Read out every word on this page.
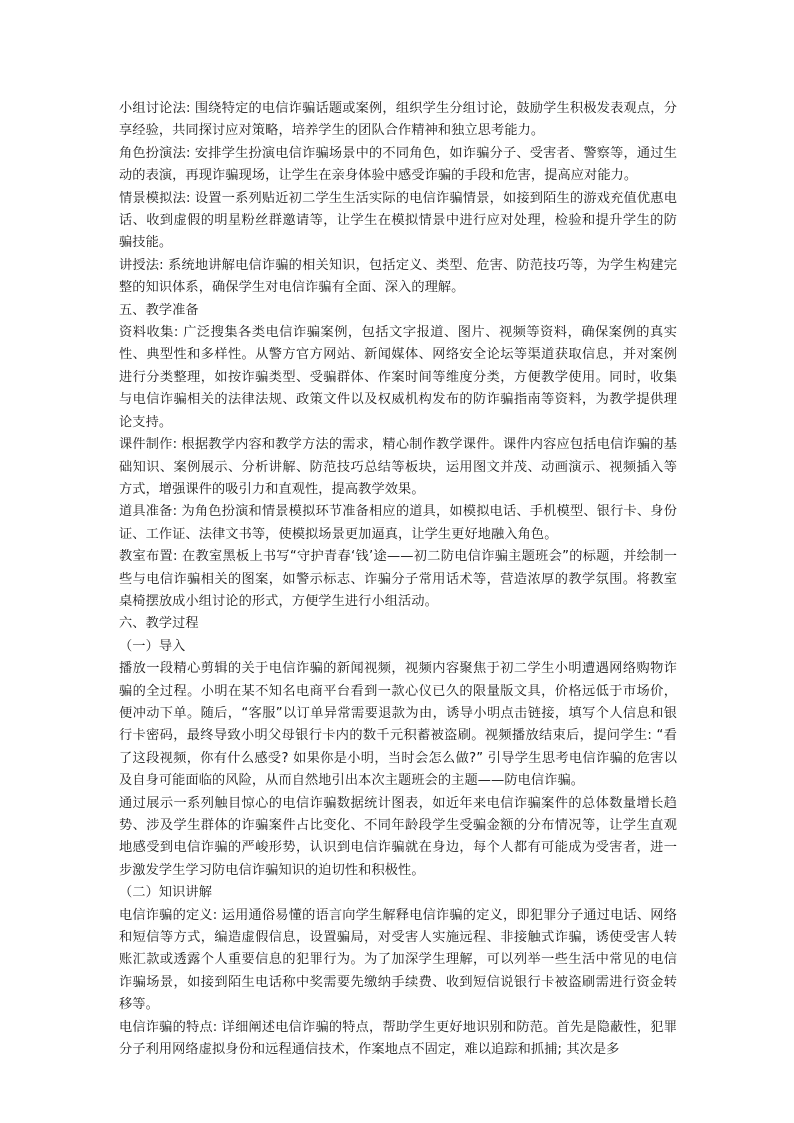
小组讨论法: 围绕特定的电信诈骗话题或案例，组织学生分组讨论，鼓励学生积极发表观点，分享经验，共同探讨应对策略，培养学生的团队合作精神和独立思考能力。

角色扮演法: 安排学生扮演电信诈骗场景中的不同角色，如诈骗分子、受害者、警察等，通过生动的表演，再现诈骗现场，让学生在亲身体验中感受诈骗的手段和危害，提高应对能力。

情景模拟法: 设置一系列贴近初二学生生活实际的电信诈骗情景，如接到陌生的游戏充值优惠电话、收到虚假的明星粉丝群邀请等，让学生在模拟情景中进行应对处理，检验和提升学生的防骗技能。

讲授法: 系统地讲解电信诈骗的相关知识，包括定义、类型、危害、防范技巧等，为学生构建完整的知识体系，确保学生对电信诈骗有全面、深入的理解。

五、教学准备

资料收集: 广泛搜集各类电信诈骗案例，包括文字报道、图片、视频等资料，确保案例的真实性、典型性和多样性。从警方官方网站、新闻媒体、网络安全论坛等渠道获取信息，并对案例进行分类整理，如按诈骗类型、受骗群体、作案时间等维度分类，方便教学使用。同时，收集与电信诈骗相关的法律法规、政策文件以及权威机构发布的防诈骗指南等资料，为教学提供理论支持。

课件制作: 根据教学内容和教学方法的需求，精心制作教学课件。课件内容应包括电信诈骗的基础知识、案例展示、分析讲解、防范技巧总结等板块，运用图文并茂、动画演示、视频插入等方式，增强课件的吸引力和直观性，提高教学效果。

道具准备: 为角色扮演和情景模拟环节准备相应的道具，如模拟电话、手机模型、银行卡、身份证、工作证、法律文书等，使模拟场景更加逼真，让学生更好地融入角色。

教室布置: 在教室黑板上书写“守护青春‘钱’途——初二防电信诈骗主题班会”的标题，并绘制一些与电信诈骗相关的图案，如警示标志、诈骗分子常用话术等，营造浓厚的教学氛围。将教室桌椅摆放成小组讨论的形式，方便学生进行小组活动。

六、教学过程

（一）导入

播放一段精心剪辑的关于电信诈骗的新闻视频，视频内容聚焦于初二学生小明遭遇网络购物诈骗的全过程。小明在某不知名电商平台看到一款心仪已久的限量版文具，价格远低于市场价，便冲动下单。随后，“客服”以订单异常需要退款为由，诱导小明点击链接，填写个人信息和银行卡密码，最终导致小明父母银行卡内的数千元积蓄被盗刷。视频播放结束后，提问学生: “看了这段视频，你有什么感受? 如果你是小明，当时会怎么做?” 引导学生思考电信诈骗的危害以及自身可能面临的风险，从而自然地引出本次主题班会的主题——防电信诈骗。

通过展示一系列触目惊心的电信诈骗数据统计图表，如近年来电信诈骗案件的总体数量增长趋势、涉及学生群体的诈骗案件占比变化、不同年龄段学生受骗金额的分布情况等，让学生直观地感受到电信诈骗的严峻形势，认识到电信诈骗就在身边，每个人都有可能成为受害者，进一步激发学生学习防电信诈骗知识的迫切性和积极性。

（二）知识讲解

电信诈骗的定义: 运用通俗易懂的语言向学生解释电信诈骗的定义，即犯罪分子通过电话、网络和短信等方式，编造虚假信息，设置骗局，对受害人实施远程、非接触式诈骗，诱使受害人转账汇款或透露个人重要信息的犯罪行为。为了加深学生理解，可以列举一些生活中常见的电信诈骗场景，如接到陌生电话称中奖需要先缴纳手续费、收到短信说银行卡被盗刷需进行资金转移等。

电信诈骗的特点: 详细阐述电信诈骗的特点，帮助学生更好地识别和防范。首先是隐蔽性，犯罪分子利用网络虚拟身份和远程通信技术，作案地点不固定，难以追踪和抓捕; 其次是多
